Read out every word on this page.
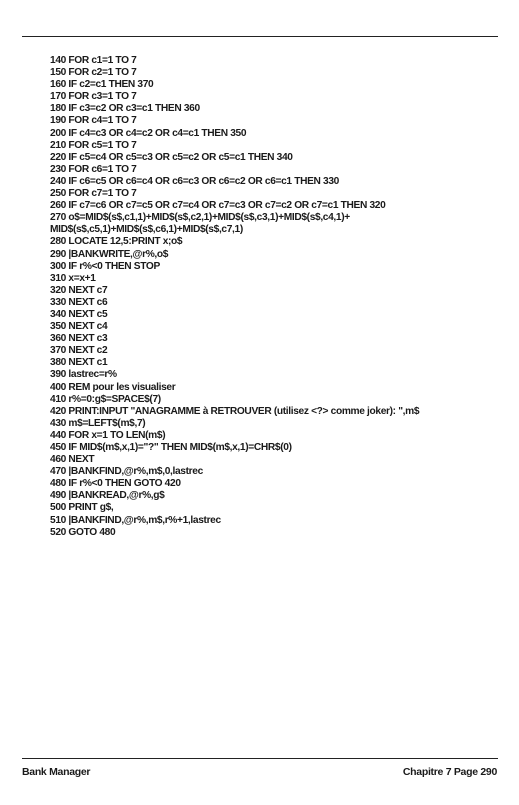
140 FOR c1=1 TO 7
150 FOR c2=1 TO 7
160 IF c2=c1 THEN 370
170 FOR c3=1 TO 7
180 IF c3=c2 OR c3=c1 THEN 360
190 FOR c4=1 TO 7
200 IF c4=c3 OR c4=c2 OR c4=c1 THEN 350
210 FOR c5=1 TO 7
220 IF c5=c4 OR c5=c3 OR c5=c2 OR c5=c1 THEN 340
230 FOR c6=1 TO 7
240 IF c6=c5 OR c6=c4 OR c6=c3 OR c6=c2 OR c6=c1 THEN 330
250 FOR c7=1 TO 7
260 IF c7=c6 OR c7=c5 OR c7=c4 OR c7=c3 OR c7=c2 OR c7=c1 THEN 320
270 o$=MID$(s$,c1,1)+MID$(s$,c2,1)+MID$(s$,c3,1)+MID$(s$,c4,1)+ MID$(s$,c5,1)+MID$(s$,c6,1)+MID$(s$,c7,1)
280 LOCATE 12,5:PRINT x;o$
290 |BANKWRITE,@r%,o$
300 IF r%<0 THEN STOP
310 x=x+1
320 NEXT c7
330 NEXT c6
340 NEXT c5
350 NEXT c4
360 NEXT c3
370 NEXT c2
380 NEXT c1
390 lastrec=r%
400 REM pour les visualiser
410 r%=0:g$=SPACE$(7)
420 PRINT:INPUT "ANAGRAMME à RETROUVER (utilisez <?> comme joker): ",m$
430 m$=LEFT$(m$,7)
440 FOR x=1 TO LEN(m$)
450 IF MID$(m$,x,1)="?" THEN MID$(m$,x,1)=CHR$(0)
460 NEXT
470 |BANKFIND,@r%,m$,0,lastrec
480 IF r%<0 THEN GOTO 420
490 |BANKREAD,@r%,g$
500 PRINT g$,
510 |BANKFIND,@r%,m$,r%+1,lastrec
520 GOTO 480
Bank Manager	Chapitre 7 Page 290
